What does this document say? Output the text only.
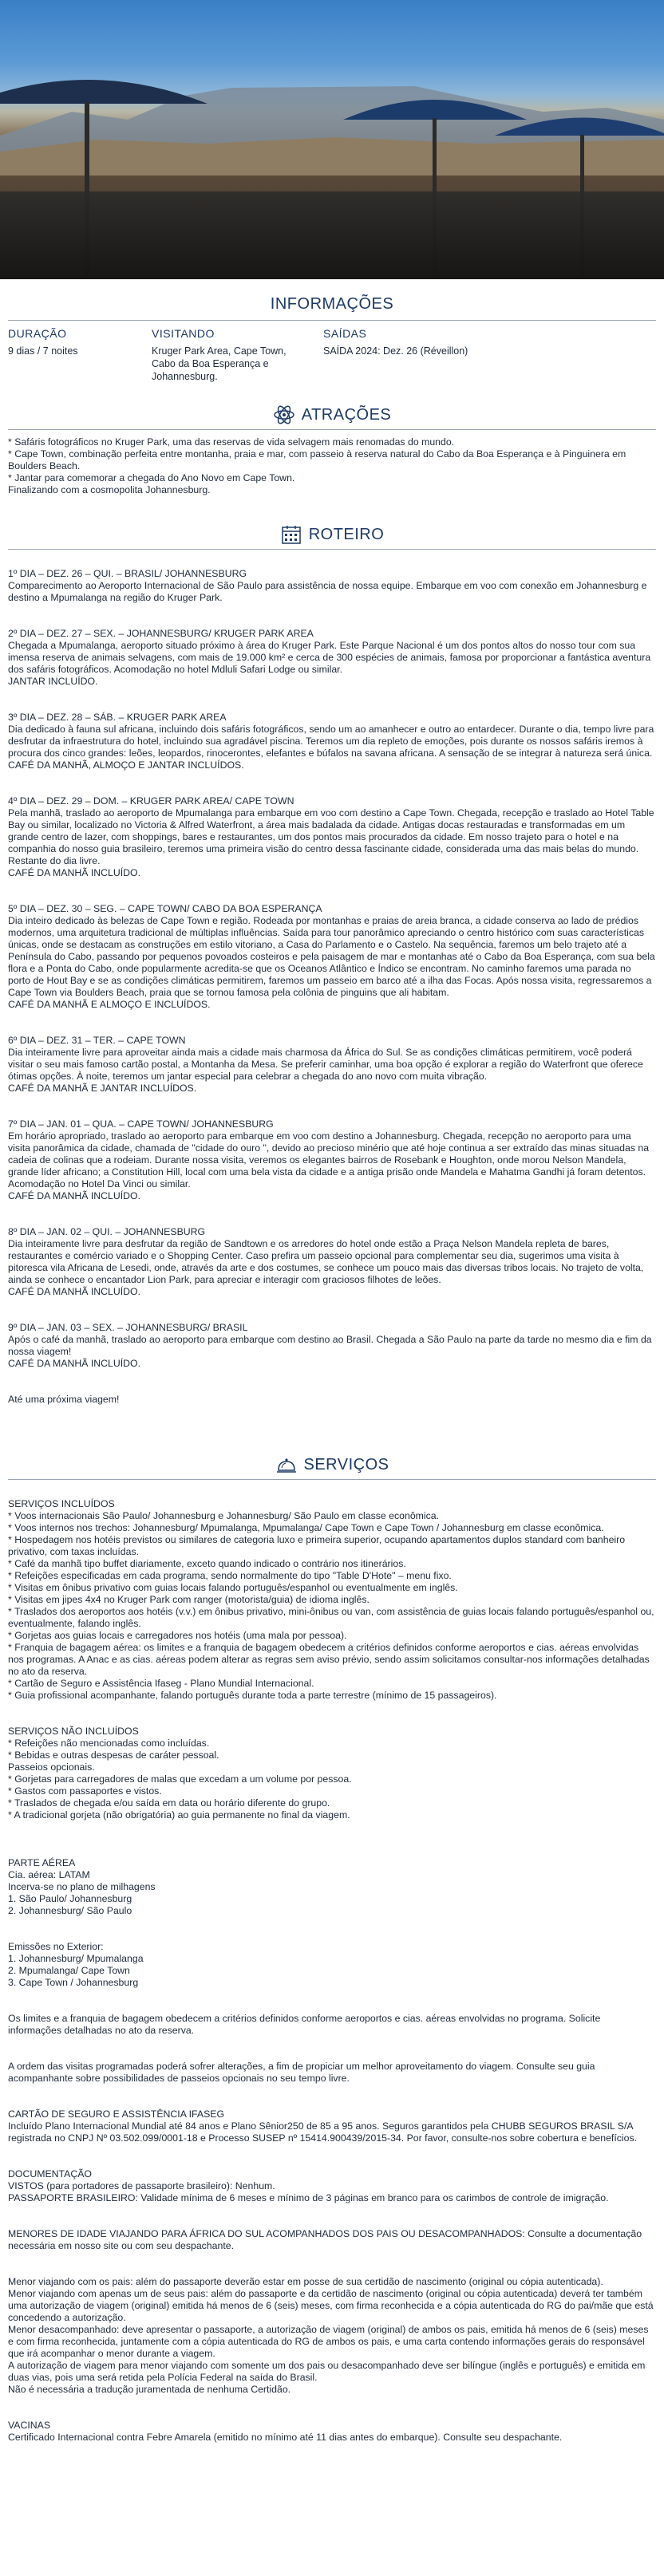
INFORMAÇÕES
DURAÇÃO
9 dias / 7 noites
VISITANDO
Kruger Park Area, Cape Town, Cabo da Boa Esperança e Johannesburg.
SAÍDAS
SAÍDA 2024: Dez. 26 (Réveillon)
ATRAÇÕES
* Safáris fotográficos no Kruger Park, uma das reservas de vida selvagem mais renomadas do mundo.
* Cape Town, combinação perfeita entre montanha, praia e mar, com passeio à reserva natural do Cabo da Boa Esperança e à Pinguinera em Boulders Beach.
* Jantar para comemorar a chegada do Ano Novo em Cape Town.
Finalizando com a cosmopolita Johannesburg.
ROTEIRO

1º DIA – DEZ. 26 – QUI. – BRASIL/ JOHANNESBURG
Comparecimento ao Aeroporto Internacional de São Paulo para assistência de nossa equipe. Embarque em voo com conexão em Johannesburg e destino a Mpumalanga na região do Kruger Park.

2º DIA – DEZ. 27 – SEX. – JOHANNESBURG/ KRUGER PARK AREA
Chegada a Mpumalanga, aeroporto situado próximo à área do Kruger Park. Este Parque Nacional é um dos pontos altos do nosso tour com sua imensa reserva de animais selvagens, com mais de 19.000 km² e cerca de 300 espécies de animais, famosa por proporcionar a fantástica aventura dos safáris fotográficos. Acomodação no hotel Mdluli Safari Lodge ou similar.
JANTAR INCLUÍDO.

3º DIA – DEZ. 28 – SÁB. – KRUGER PARK AREA
Dia dedicado à fauna sul africana, incluindo dois safáris fotográficos, sendo um ao amanhecer e outro ao entardecer. Durante o dia, tempo livre para desfrutar da infraestrutura do hotel, incluindo sua agradável piscina. Teremos um dia repleto de emoções, pois durante os nossos safáris iremos à procura dos cinco grandes: leões, leopardos, rinocerontes, elefantes e búfalos na savana africana. A sensação de se integrar à natureza será única.
CAFÉ DA MANHÃ, ALMOÇO E JANTAR INCLUÍDOS.

4º DIA – DEZ. 29 – DOM. – KRUGER PARK AREA/ CAPE TOWN
Pela manhã, traslado ao aeroporto de Mpumalanga para embarque em voo com destino a Cape Town. Chegada, recepção e traslado ao Hotel Table Bay ou similar, localizado no Victoria & Alfred Waterfront, a área mais badalada da cidade. Antigas docas restauradas e transformadas em um grande centro de lazer, com shoppings, bares e restaurantes, um dos pontos mais procurados da cidade. Em nosso trajeto para o hotel e na companhia do nosso guia brasileiro, teremos uma primeira visão do centro dessa fascinante cidade, considerada uma das mais belas do mundo. Restante do dia livre.
CAFÉ DA MANHÃ INCLUÍDO.

5º DIA – DEZ. 30 – SEG. – CAPE TOWN/ CABO DA BOA ESPERANÇA
Dia inteiro dedicado às belezas de Cape Town e região. Rodeada por montanhas e praias de areia branca, a cidade conserva ao lado de prédios modernos, uma arquitetura tradicional de múltiplas influências. Saída para tour panorâmico apreciando o centro histórico com suas características únicas, onde se destacam as construções em estilo vitoriano, a Casa do Parlamento e o Castelo. Na sequência, faremos um belo trajeto até a Península do Cabo, passando por pequenos povoados costeiros e pela paisagem de mar e montanhas até o Cabo da Boa Esperança, com sua bela flora e a Ponta do Cabo, onde popularmente acredita-se que os Oceanos Atlântico e Índico se encontram. No caminho faremos uma parada no porto de Hout Bay e se as condições climáticas permitirem, faremos um passeio em barco até a ilha das Focas. Após nossa visita, regressaremos a Cape Town via Boulders Beach, praia que se tornou famosa pela colônia de pinguins que ali habitam.
CAFÉ DA MANHÃ E ALMOÇO E INCLUÍDOS.

6º DIA – DEZ. 31 – TER. – CAPE TOWN
Dia inteiramente livre para aproveitar ainda mais a cidade mais charmosa da África do Sul. Se as condições climáticas permitirem, você poderá visitar o seu mais famoso cartão postal, a Montanha da Mesa. Se preferir caminhar, uma boa opção é explorar a região do Waterfront que oferece ótimas opções. À noite, teremos um jantar especial para celebrar a chegada do ano novo com muita vibração.
CAFÉ DA MANHÃ E JANTAR INCLUÍDOS.

7º DIA – JAN. 01 – QUA. – CAPE TOWN/ JOHANNESBURG
Em horário apropriado, traslado ao aeroporto para embarque em voo com destino a Johannesburg. Chegada, recepção no aeroporto para uma visita panorâmica da cidade, chamada de "cidade do ouro ", devido ao precioso minério que até hoje continua a ser extraído das minas situadas na cadeia de colinas que a rodeiam. Durante nossa visita, veremos os elegantes bairros de Rosebank e Houghton, onde morou Nelson Mandela, grande líder africano; a Constitution Hill, local com uma bela vista da cidade e a antiga prisão onde Mandela e Mahatma Gandhi já foram detentos. Acomodação no Hotel Da Vinci ou similar.
CAFÉ DA MANHÃ INCLUÍDO.

8º DIA – JAN. 02 – QUI. – JOHANNESBURG
Dia inteiramente livre para desfrutar da região de Sandtown e os arredores do hotel onde estão a Praça Nelson Mandela repleta de bares, restaurantes e comércio variado e o Shopping Center. Caso prefira um passeio opcional para complementar seu dia, sugerimos uma visita à pitoresca vila Africana de Lesedi, onde, através da arte e dos costumes, se conhece um pouco mais das diversas tribos locais. No trajeto de volta, ainda se conhece o encantador Lion Park, para apreciar e interagir com graciosos filhotes de leões.
CAFÉ DA MANHÃ INCLUÍDO.

9º DIA – JAN. 03 – SEX. – JOHANNESBURG/ BRASIL
Após o café da manhã, traslado ao aeroporto para embarque com destino ao Brasil. Chegada a São Paulo na parte da tarde no mesmo dia e fim da nossa viagem!
CAFÉ DA MANHÃ INCLUÍDO.

Até uma próxima viagem!

SERVIÇOS

SERVIÇOS INCLUÍDOS
* Voos internacionais São Paulo/ Johannesburg e Johannesburg/ São Paulo em classe econômica.
* Voos internos nos trechos: Johannesburg/ Mpumalanga, Mpumalanga/ Cape Town e Cape Town / Johannesburg em classe econômica.
* Hospedagem nos hotéis previstos ou similares de categoria luxo e primeira superior, ocupando apartamentos duplos standard com banheiro privativo, com taxas incluídas.
* Café da manhã tipo buffet diariamente, exceto quando indicado o contrário nos itinerários.
* Refeições especificadas em cada programa, sendo normalmente do tipo "Table D'Hote" – menu fixo.
* Visitas em ônibus privativo com guias locais falando português/espanhol ou eventualmente em inglês.
* Visitas em jipes 4x4 no Kruger Park com ranger (motorista/guia) de idioma inglês.
* Traslados dos aeroportos aos hotéis (v.v.) em ônibus privativo, mini-ônibus ou van, com assistência de guias locais falando português/espanhol ou, eventualmente, falando inglês.
* Gorjetas aos guias locais e carregadores nos hotéis (uma mala por pessoa).
* Franquia de bagagem aérea: os limites e a franquia de bagagem obedecem a critérios definidos conforme aeroportos e cias. aéreas envolvidas nos programas. A Anac e as cias. aéreas podem alterar as regras sem aviso prévio, sendo assim solicitamos consultar-nos informações detalhadas no ato da reserva.
* Cartão de Seguro e Assistência Ifaseg - Plano Mundial Internacional.
* Guia profissional acompanhante, falando português durante toda a parte terrestre (mínimo de 15 passageiros).

SERVIÇOS NÃO INCLUÍDOS
* Refeições não mencionadas como incluídas.
* Bebidas e outras despesas de caráter pessoal.
Passeios opcionais.
* Gorjetas para carregadores de malas que excedam a um volume por pessoa.
* Gastos com passaportes e vistos.
* Traslados de chegada e/ou saída em data ou horário diferente do grupo.
* A tradicional gorjeta (não obrigatória) ao guia permanente no final da viagem.

PARTE AÉREA
Cia. aérea: LATAM
Incerva-se no plano de milhagens
1. São Paulo/ Johannesburg
2. Johannesburg/ São Paulo

Emissões no Exterior:
1. Johannesburg/ Mpumalanga
2. Mpumalanga/ Cape Town
3. Cape Town / Johannesburg

Os limites e a franquia de bagagem obedecem a critérios definidos conforme aeroportos e cias. aéreas envolvidas no programa. Solicite informações detalhadas no ato da reserva.

A ordem das visitas programadas poderá sofrer alterações, a fim de propiciar um melhor aproveitamento do viagem. Consulte seu guia acompanhante sobre possibilidades de passeios opcionais no seu tempo livre.

CARTÃO DE SEGURO E ASSISTÊNCIA IFASEG
Incluído Plano Internacional Mundial até 84 anos e Plano Sênior250 de 85 a 95 anos. Seguros garantidos pela CHUBB SEGUROS BRASIL S/A registrada no CNPJ Nº 03.502.099/0001-18 e Processo SUSEP nº 15414.900439/2015-34. Por favor, consulte-nos sobre cobertura e benefícios.

DOCUMENTAÇÃO
VISTOS (para portadores de passaporte brasileiro): Nenhum.
PASSAPORTE BRASILEIRO: Validade mínima de 6 meses e mínimo de 3 páginas em branco para os carimbos de controle de imigração.

MENORES DE IDADE VIAJANDO PARA ÁFRICA DO SUL ACOMPANHADOS DOS PAIS OU DESACOMPANHADOS: Consulte a documentação necessária em nosso site ou com seu despachante.

Menor viajando com os pais: além do passaporte deverão estar em posse de sua certidão de nascimento (original ou cópia autenticada).
Menor viajando com apenas um de seus pais: além do passaporte e da certidão de nascimento (original ou cópia autenticada) deverá ter também uma autorização de viagem (original) emitida há menos de 6 (seis) meses, com firma reconhecida e a cópia autenticada do RG do pai/mãe que está concedendo a autorização.
Menor desacompanhado: deve apresentar o passaporte, a autorização de viagem (original) de ambos os pais, emitida há menos de 6 (seis) meses e com firma reconhecida, juntamente com a cópia autenticada do RG de ambos os pais, e uma carta contendo informações gerais do responsável que irá acompanhar o menor durante a viagem.
A autorização de viagem para menor viajando com somente um dos pais ou desacompanhado deve ser bilíngue (inglês e português) e emitida em duas vias, pois uma será retida pela Polícia Federal na saída do Brasil.
Não é necessária a tradução juramentada de nenhuma Certidão.

VACINAS
Certificado Internacional contra Febre Amarela (emitido no mínimo até 11 dias antes do embarque). Consulte seu despachante.
